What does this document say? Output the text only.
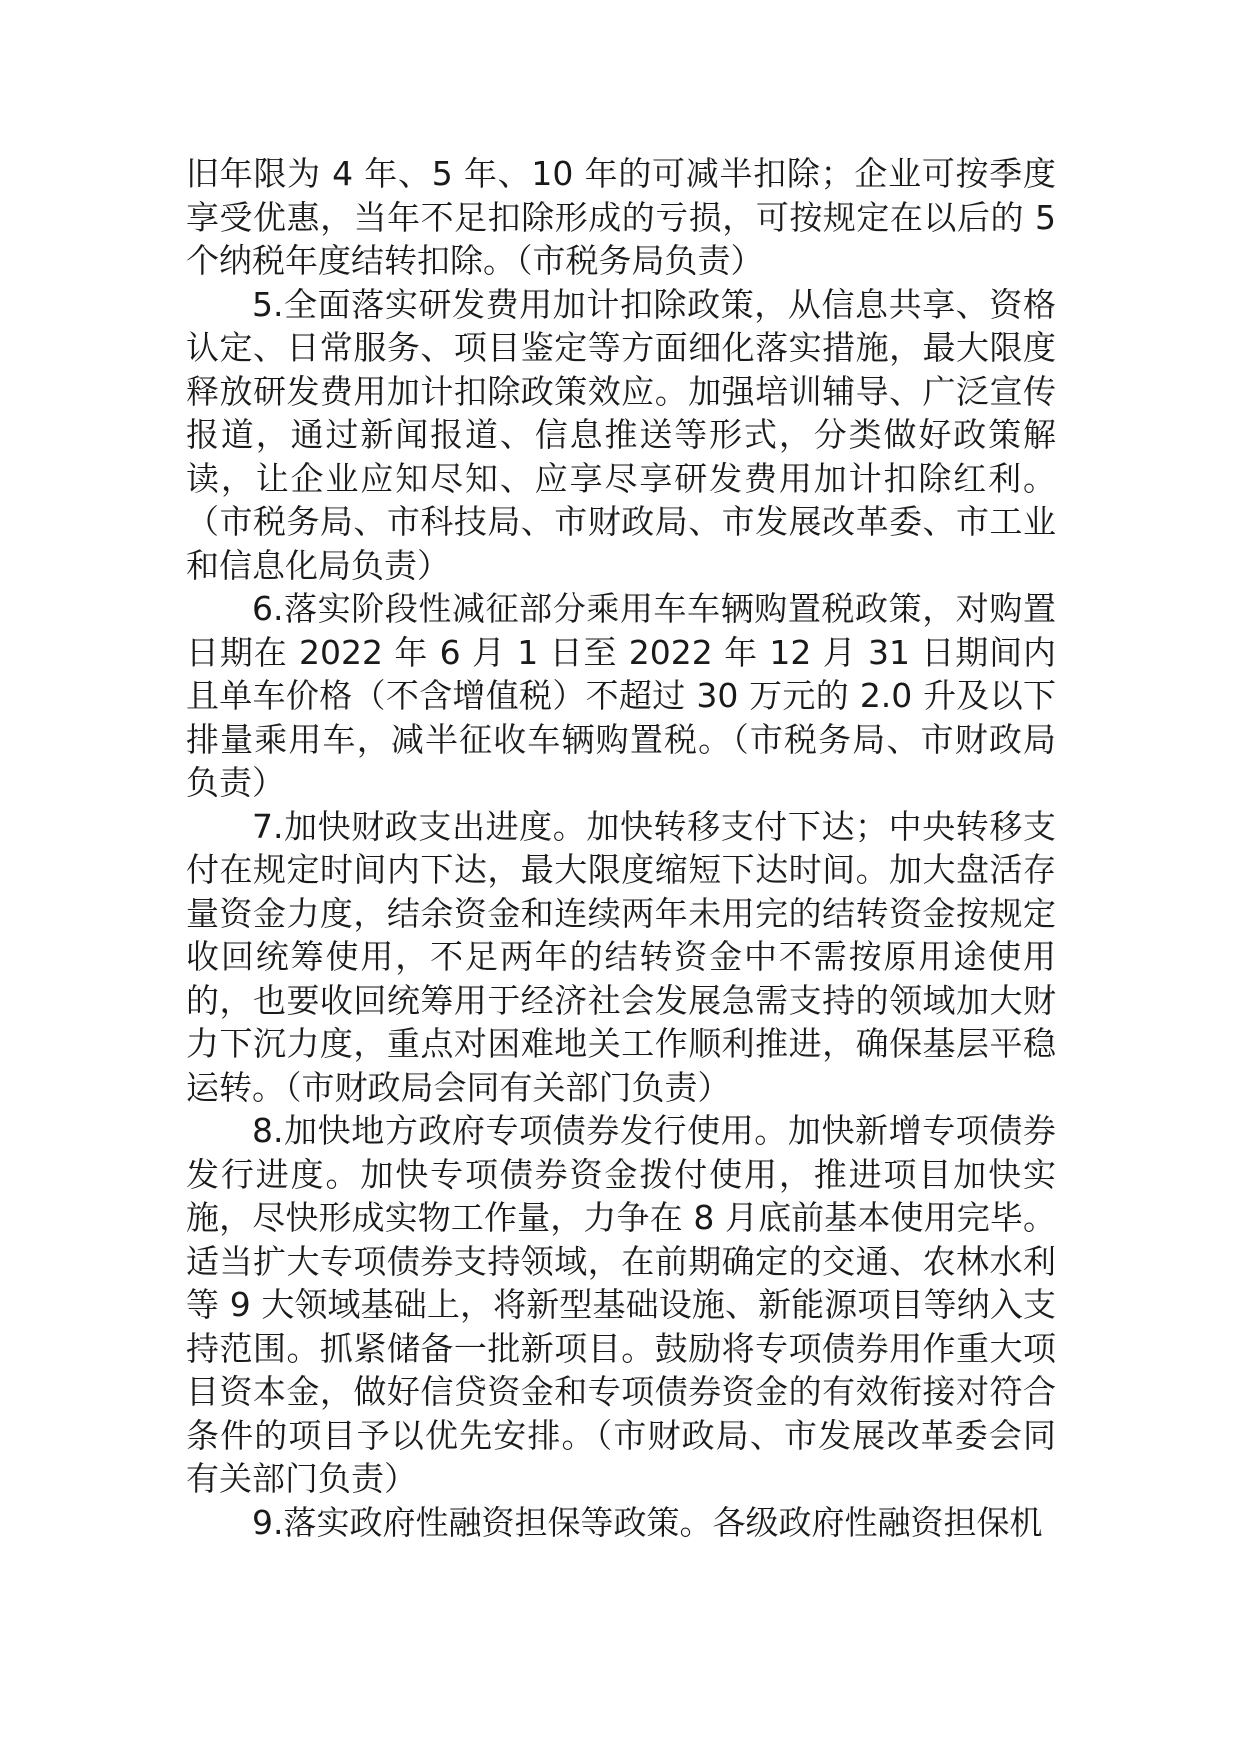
旧年限为 4 年、5 年、10 年的可减半扣除；企业可按季度享受优惠，当年不足扣除形成的亏损，可按规定在以后的 5 个纳税年度结转扣除。（市税务局负责）

5.全面落实研发费用加计扣除政策，从信息共享、资格认定、日常服务、项目鉴定等方面细化落实措施，最大限度释放研发费用加计扣除政策效应。加强培训辅导、广泛宣传报道，通过新闻报道、信息推送等形式，分类做好政策解读，让企业应知尽知、应享尽享研发费用加计扣除红利。（市税务局、市科技局、市财政局、市发展改革委、市工业和信息化局负责）

6.落实阶段性减征部分乘用车车辆购置税政策，对购置日期在 2022 年 6 月 1 日至 2022 年 12 月 31 日期间内且单车价格（不含增值税）不超过 30 万元的 2.0 升及以下排量乘用车，减半征收车辆购置税。（市税务局、市财政局负责）

7.加快财政支出进度。加快转移支付下达；中央转移支付在规定时间内下达，最大限度缩短下达时间。加大盘活存量资金力度，结余资金和连续两年未用完的结转资金按规定收回统筹使用，不足两年的结转资金中不需按原用途使用的，也要收回统筹用于经济社会发展急需支持的领域加大财力下沉力度，重点对困难地关工作顺利推进，确保基层平稳运转。（市财政局会同有关部门负责）

8.加快地方政府专项债券发行使用。加快新增专项债券发行进度。加快专项债券资金拨付使用，推进项目加快实施，尽快形成实物工作量，力争在 8 月底前基本使用完毕。适当扩大专项债券支持领域，在前期确定的交通、农林水利等 9 大领域基础上，将新型基础设施、新能源项目等纳入支持范围。抓紧储备一批新项目。鼓励将专项债券用作重大项目资本金，做好信贷资金和专项债券资金的有效衔接对符合条件的项目予以优先安排。（市财政局、市发展改革委会同有关部门负责）

9.落实政府性融资担保等政策。各级政府性融资担保机
